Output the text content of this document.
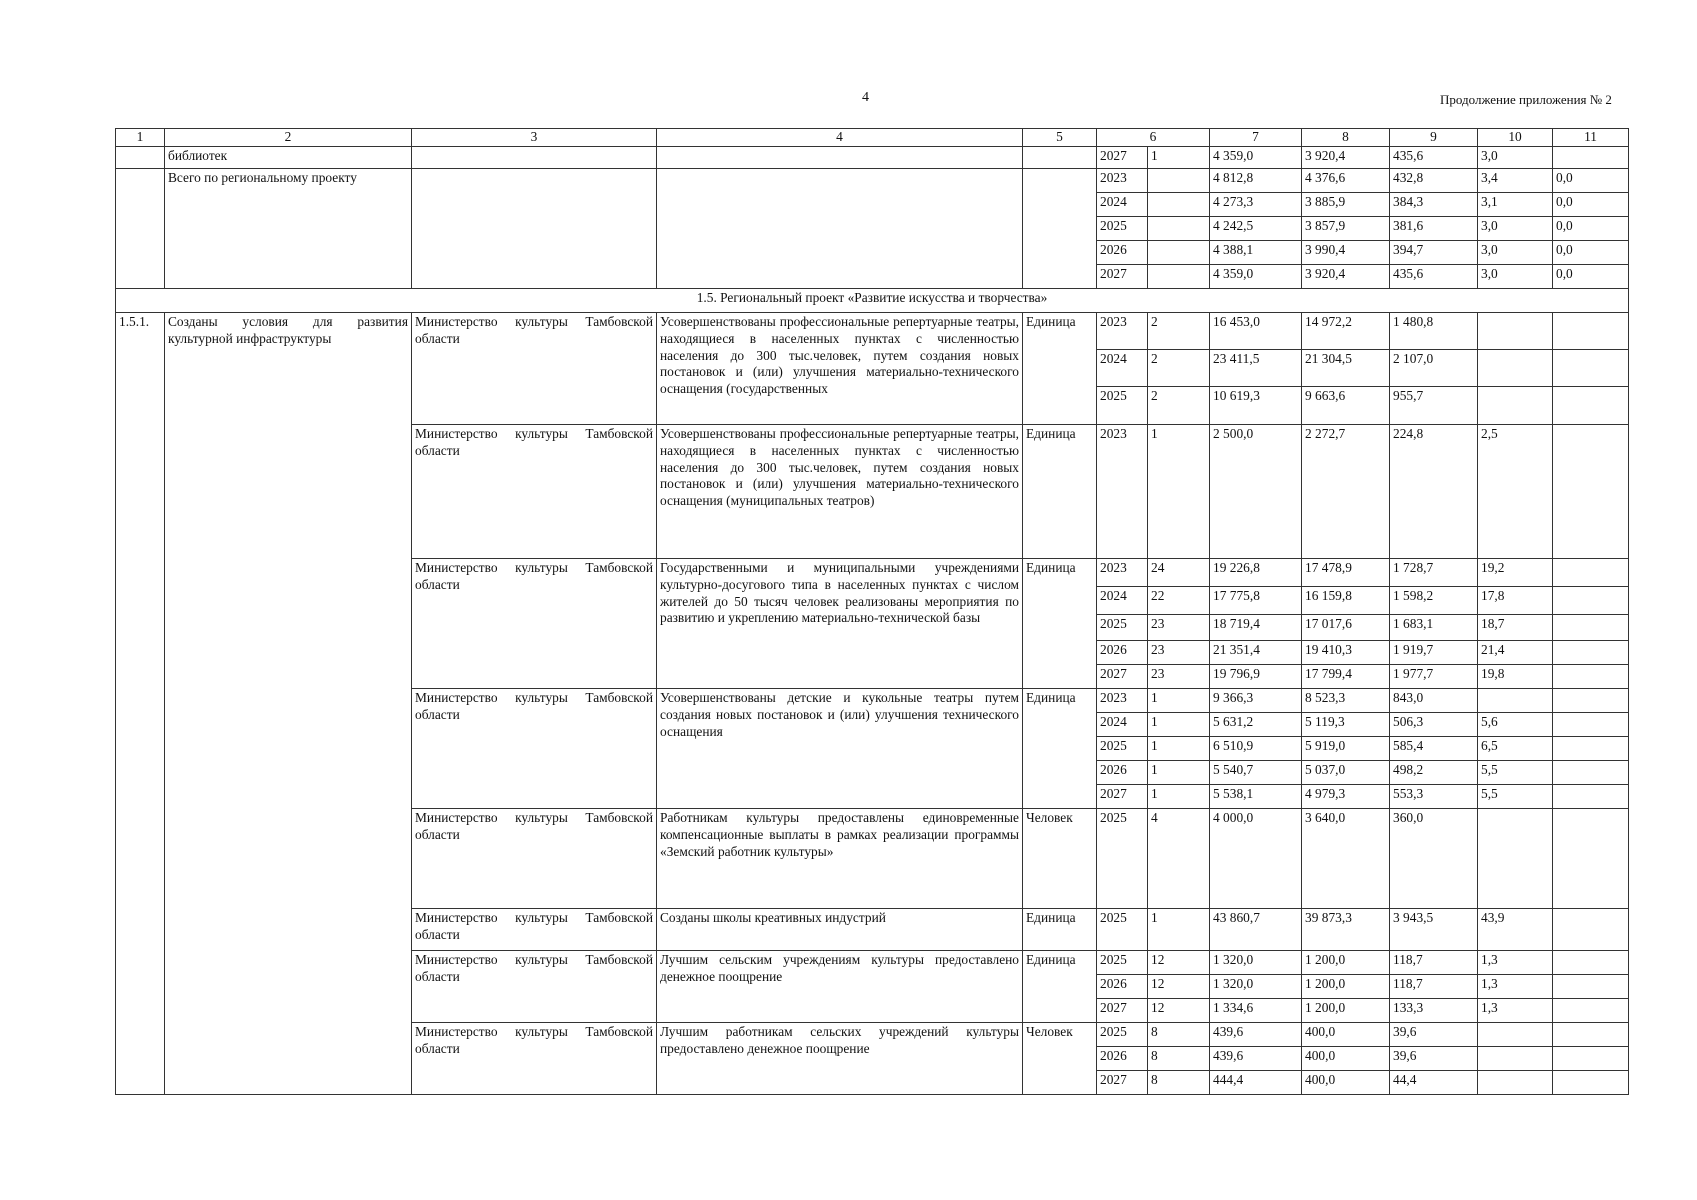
4	Продолжение приложения № 2
1	2	3	4	5	6		7	8	9	10	11
	библиотек				2027	1	4 359,0	3 920,4	435,6	3,0	
	Всего по региональному проекту				2023		4 812,8	4 376,6	432,8	3,4	0,0
					2024		4 273,3	3 885,9	384,3	3,1	0,0
					2025		4 242,5	3 857,9	381,6	3,0	0,0
					2026		4 388,1	3 990,4	394,7	3,0	0,0
					2027		4 359,0	3 920,4	435,6	3,0	0,0
1.5. Региональный проект «Развитие искусства и творчества»											
1.5.1.	Созданы условия для развития культурной инфраструктуры	Министерство культуры Тамбовской области	Усовершенствованы профессиональные репертуарные театры, находящиеся в населенных пунктах с численностью населения до 300 тыс.человек, путем создания новых постановок и (или) улучшения материально-технического оснащения (государственных	Единица	2023	2	16 453,0	14 972,2	1 480,8		
					2024	2	23 411,5	21 304,5	2 107,0		
					2025	2	10 619,3	9 663,6	955,7		
		Министерство культуры Тамбовской области	Усовершенствованы профессиональные репертуарные театры, находящиеся в населенных пунктах с численностью населения до 300 тыс.человек, путем создания новых постановок и (или) улучшения материально-технического оснащения (муниципальных театров)	Единица	2023	1	2 500,0	2 272,7	224,8	2,5	
		Министерство культуры Тамбовской области	Государственными и муниципальными учреждениями культурно-досугового типа в населенных пунктах с числом жителей до 50 тысяч человек реализованы мероприятия по развитию и укреплению материально-технической базы	Единица	2023	24	19 226,8	17 478,9	1 728,7	19,2	
					2024	22	17 775,8	16 159,8	1 598,2	17,8	
					2025	23	18 719,4	17 017,6	1 683,1	18,7	
					2026	23	21 351,4	19 410,3	1 919,7	21,4	
					2027	23	19 796,9	17 799,4	1 977,7	19,8	
		Министерство культуры Тамбовской области	Усовершенствованы детские и кукольные театры путем создания новых постановок и (или) улучшения технического оснащения	Единица	2023	1	9 366,3	8 523,3	843,0		
					2024	1	5 631,2	5 119,3	506,3	5,6	
					2025	1	6 510,9	5 919,0	585,4	6,5	
					2026	1	5 540,7	5 037,0	498,2	5,5	
					2027	1	5 538,1	4 979,3	553,3	5,5	
		Министерство культуры Тамбовской области	Работникам культуры предоставлены единовременные компенсационные выплаты в рамках реализации программы «Земский работник культуры»	Человек	2025	4	4 000,0	3 640,0	360,0		
		Министерство культуры Тамбовской области	Созданы школы креативных индустрий	Единица	2025	1	43 860,7	39 873,3	3 943,5	43,9	
		Министерство культуры Тамбовской области	Лучшим сельским учреждениям культуры предоставлено денежное поощрение	Единица	2025	12	1 320,0	1 200,0	118,7	1,3	
					2026	12	1 320,0	1 200,0	118,7	1,3	
					2027	12	1 334,6	1 200,0	133,3	1,3	
		Министерство культуры Тамбовской области	Лучшим работникам сельских учреждений культуры предоставлено денежное поощрение	Человек	2025	8	439,6	400,0	39,6		
					2026	8	439,6	400,0	39,6		
					2027	8	444,4	400,0	44,4		
